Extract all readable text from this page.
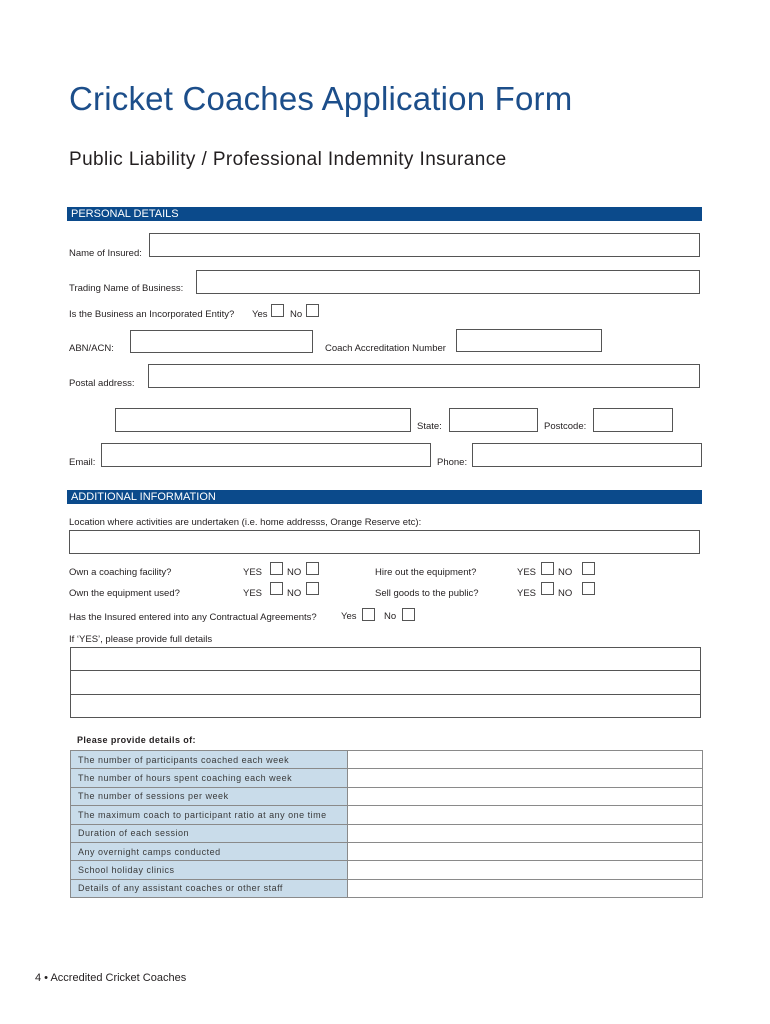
Cricket Coaches Application Form
Public Liability / Professional Indemnity Insurance
PERSONAL DETAILS
Name of Insured:
Trading Name of Business:
Is the Business an Incorporated Entity? Yes No
ABN/ACN:	Coach Accreditation Number
Postal address:
State:	Postcode:
Email:	Phone:
ADDITIONAL INFORMATION
Location where activities are undertaken (i.e. home addresss, Orange Reserve etc):
Own a coaching facility?	YES	NO	Hire out the equipment?	YES NO
Own the equipment used?	YES	NO	Sell goods to the public?	YES NO
Has the Insured entered into any Contractual Agreements?	Yes	No
If ‘YES’, please provide full details
Please provide details of:
The number of participants coached each week	
The number of hours spent coaching each week	
The number of sessions per week	
The maximum coach to participant ratio at any one time	
Duration of each session	
Any overnight camps conducted	
School holiday clinics	
Details of any assistant coaches or other staff	
4 • Accredited Cricket Coaches
